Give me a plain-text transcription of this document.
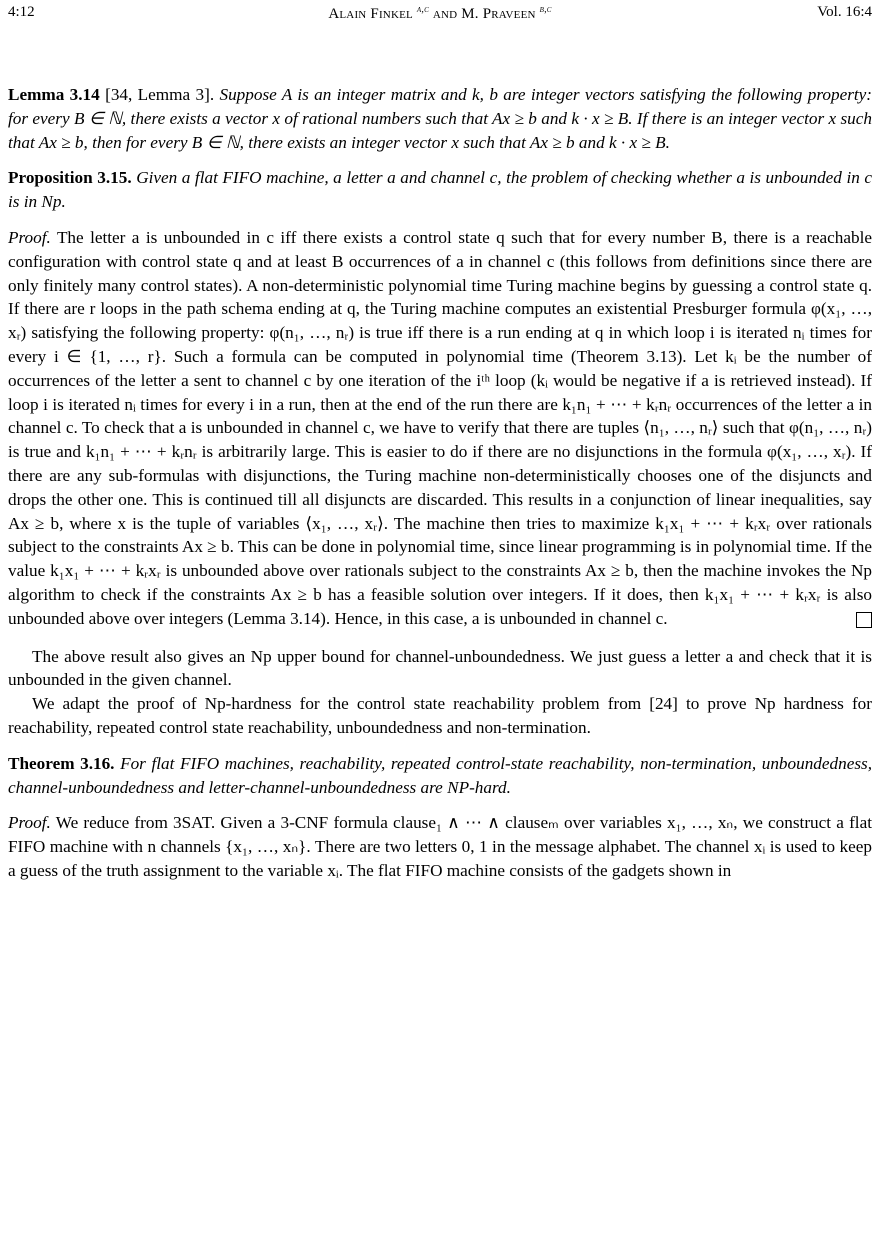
4:12	Alain Finkel $^{a,c}$ and M. Praveen $^{b,c}$	Vol. 16:4

Lemma 3.14 [34, Lemma 3]. Suppose A is an integer matrix and k, b are integer vectors satisfying the following property: for every B ∈ ℕ, there exists a vector x of rational numbers such that Ax ≥ b and k · x ≥ B. If there is an integer vector x such that Ax ≥ b, then for every B ∈ ℕ, there exists an integer vector x such that Ax ≥ b and k · x ≥ B.

Proposition 3.15. Given a flat FIFO machine, a letter a and channel c, the problem of checking whether a is unbounded in c is in Np.

Proof. The letter a is unbounded in c iff there exists a control state q such that for every number B, there is a reachable configuration with control state q and at least B occurrences of a in channel c (this follows from definitions since there are only finitely many control states). A non-deterministic polynomial time Turing machine begins by guessing a control state q. If there are r loops in the path schema ending at q, the Turing machine computes an existential Presburger formula φ(x₁, …, xᵣ) satisfying the following property: φ(n₁, …, nᵣ) is true iff there is a run ending at q in which loop i is iterated nᵢ times for every i ∈ {1, …, r}. Such a formula can be computed in polynomial time (Theorem 3.13). Let kᵢ be the number of occurrences of the letter a sent to channel c by one iteration of the iᵗʰ loop (kᵢ would be negative if a is retrieved instead). If loop i is iterated nᵢ times for every i in a run, then at the end of the run there are k₁n₁ + ⋯ + kᵣnᵣ occurrences of the letter a in channel c. To check that a is unbounded in channel c, we have to verify that there are tuples ⟨n₁, …, nᵣ⟩ such that φ(n₁, …, nᵣ) is true and k₁n₁ + ⋯ + kᵣnᵣ is arbitrarily large. This is easier to do if there are no disjunctions in the formula φ(x₁, …, xᵣ). If there are any sub-formulas with disjunctions, the Turing machine non-deterministically chooses one of the disjuncts and drops the other one. This is continued till all disjuncts are discarded. This results in a conjunction of linear inequalities, say Ax ≥ b, where x is the tuple of variables ⟨x₁, …, xᵣ⟩. The machine then tries to maximize k₁x₁ + ⋯ + kᵣxᵣ over rationals subject to the constraints Ax ≥ b. This can be done in polynomial time, since linear programming is in polynomial time. If the value k₁x₁ + ⋯ + kᵣxᵣ is unbounded above over rationals subject to the constraints Ax ≥ b, then the machine invokes the Np algorithm to check if the constraints Ax ≥ b has a feasible solution over integers. If it does, then k₁x₁ + ⋯ + kᵣxᵣ is also unbounded above over integers (Lemma 3.14). Hence, in this case, a is unbounded in channel c.

The above result also gives an Np upper bound for channel-unboundedness. We just guess a letter a and check that it is unbounded in the given channel.

We adapt the proof of Np-hardness for the control state reachability problem from [24] to prove Np hardness for reachability, repeated control state reachability, unboundedness and non-termination.

Theorem 3.16. For flat FIFO machines, reachability, repeated control-state reachability, non-termination, unboundedness, channel-unboundedness and letter-channel-unboundedness are NP-hard.

Proof. We reduce from 3SAT. Given a 3-CNF formula clause₁ ∧ ⋯ ∧ clauseₘ over variables x₁, …, xₙ, we construct a flat FIFO machine with n channels {x₁, …, xₙ}. There are two letters 0, 1 in the message alphabet. The channel xᵢ is used to keep a guess of the truth assignment to the variable xᵢ. The flat FIFO machine consists of the gadgets shown in
